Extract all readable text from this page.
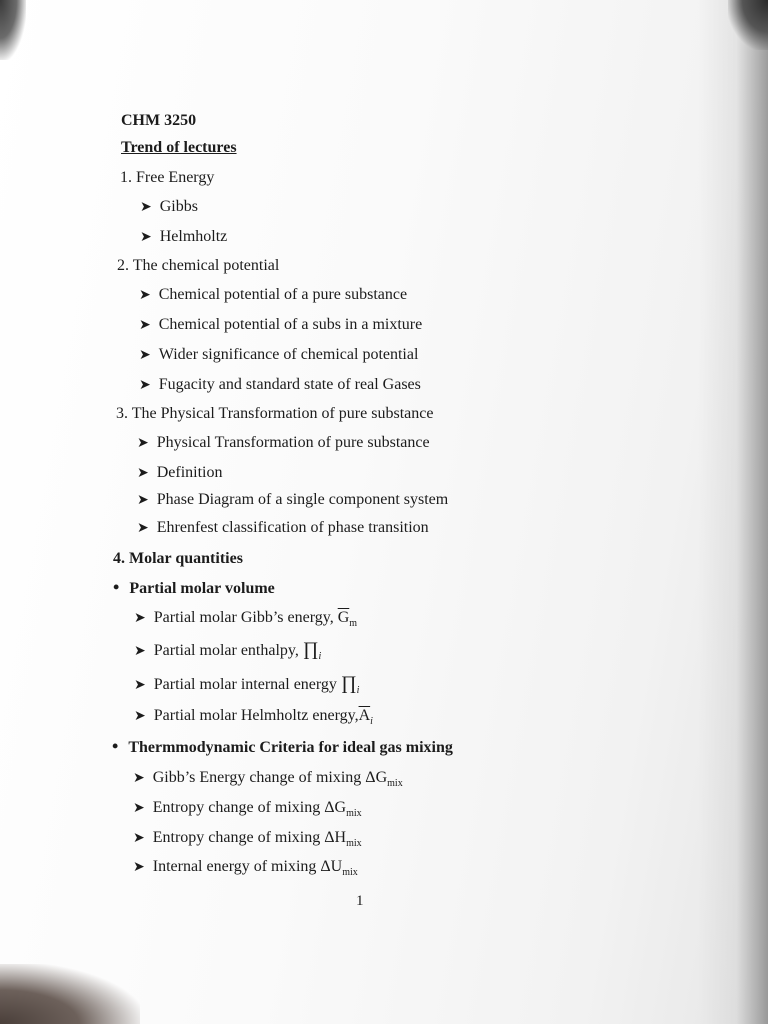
CHM 3250
Trend of lectures
1. Free Energy
➤ Gibbs
➤ Helmholtz
2. The chemical potential
➤ Chemical potential of a pure substance
➤ Chemical potential of a subs in a mixture
➤ Wider significance of chemical potential
➤ Fugacity and standard state of real Gases
3. The Physical Transformation of pure substance
➤ Physical Transformation of pure substance
➤ Definition
➤ Phase Diagram of a single component system
➤ Ehrenfest classification of phase transition
4. Molar quantities
• Partial molar volume
➤ Partial molar Gibb’s energy, $\overline{G}_m$
➤ Partial molar enthalpy, $\prod_i$
➤ Partial molar internal energy $\prod_i$
➤ Partial molar Helmholtz $energy,\overline{A}_i$
• Thermmodynamic Criteria for ideal gas mixing
➤ Gibb’s Energy change of mixing $\Delta G_{mix}$
➤ Entropy change of mixing $\Delta G_{mix}$
➤ Entropy change of mixing $\Delta H_{mix}$
➤ Internal energy of mixing $\Delta U_{mix}$
1
